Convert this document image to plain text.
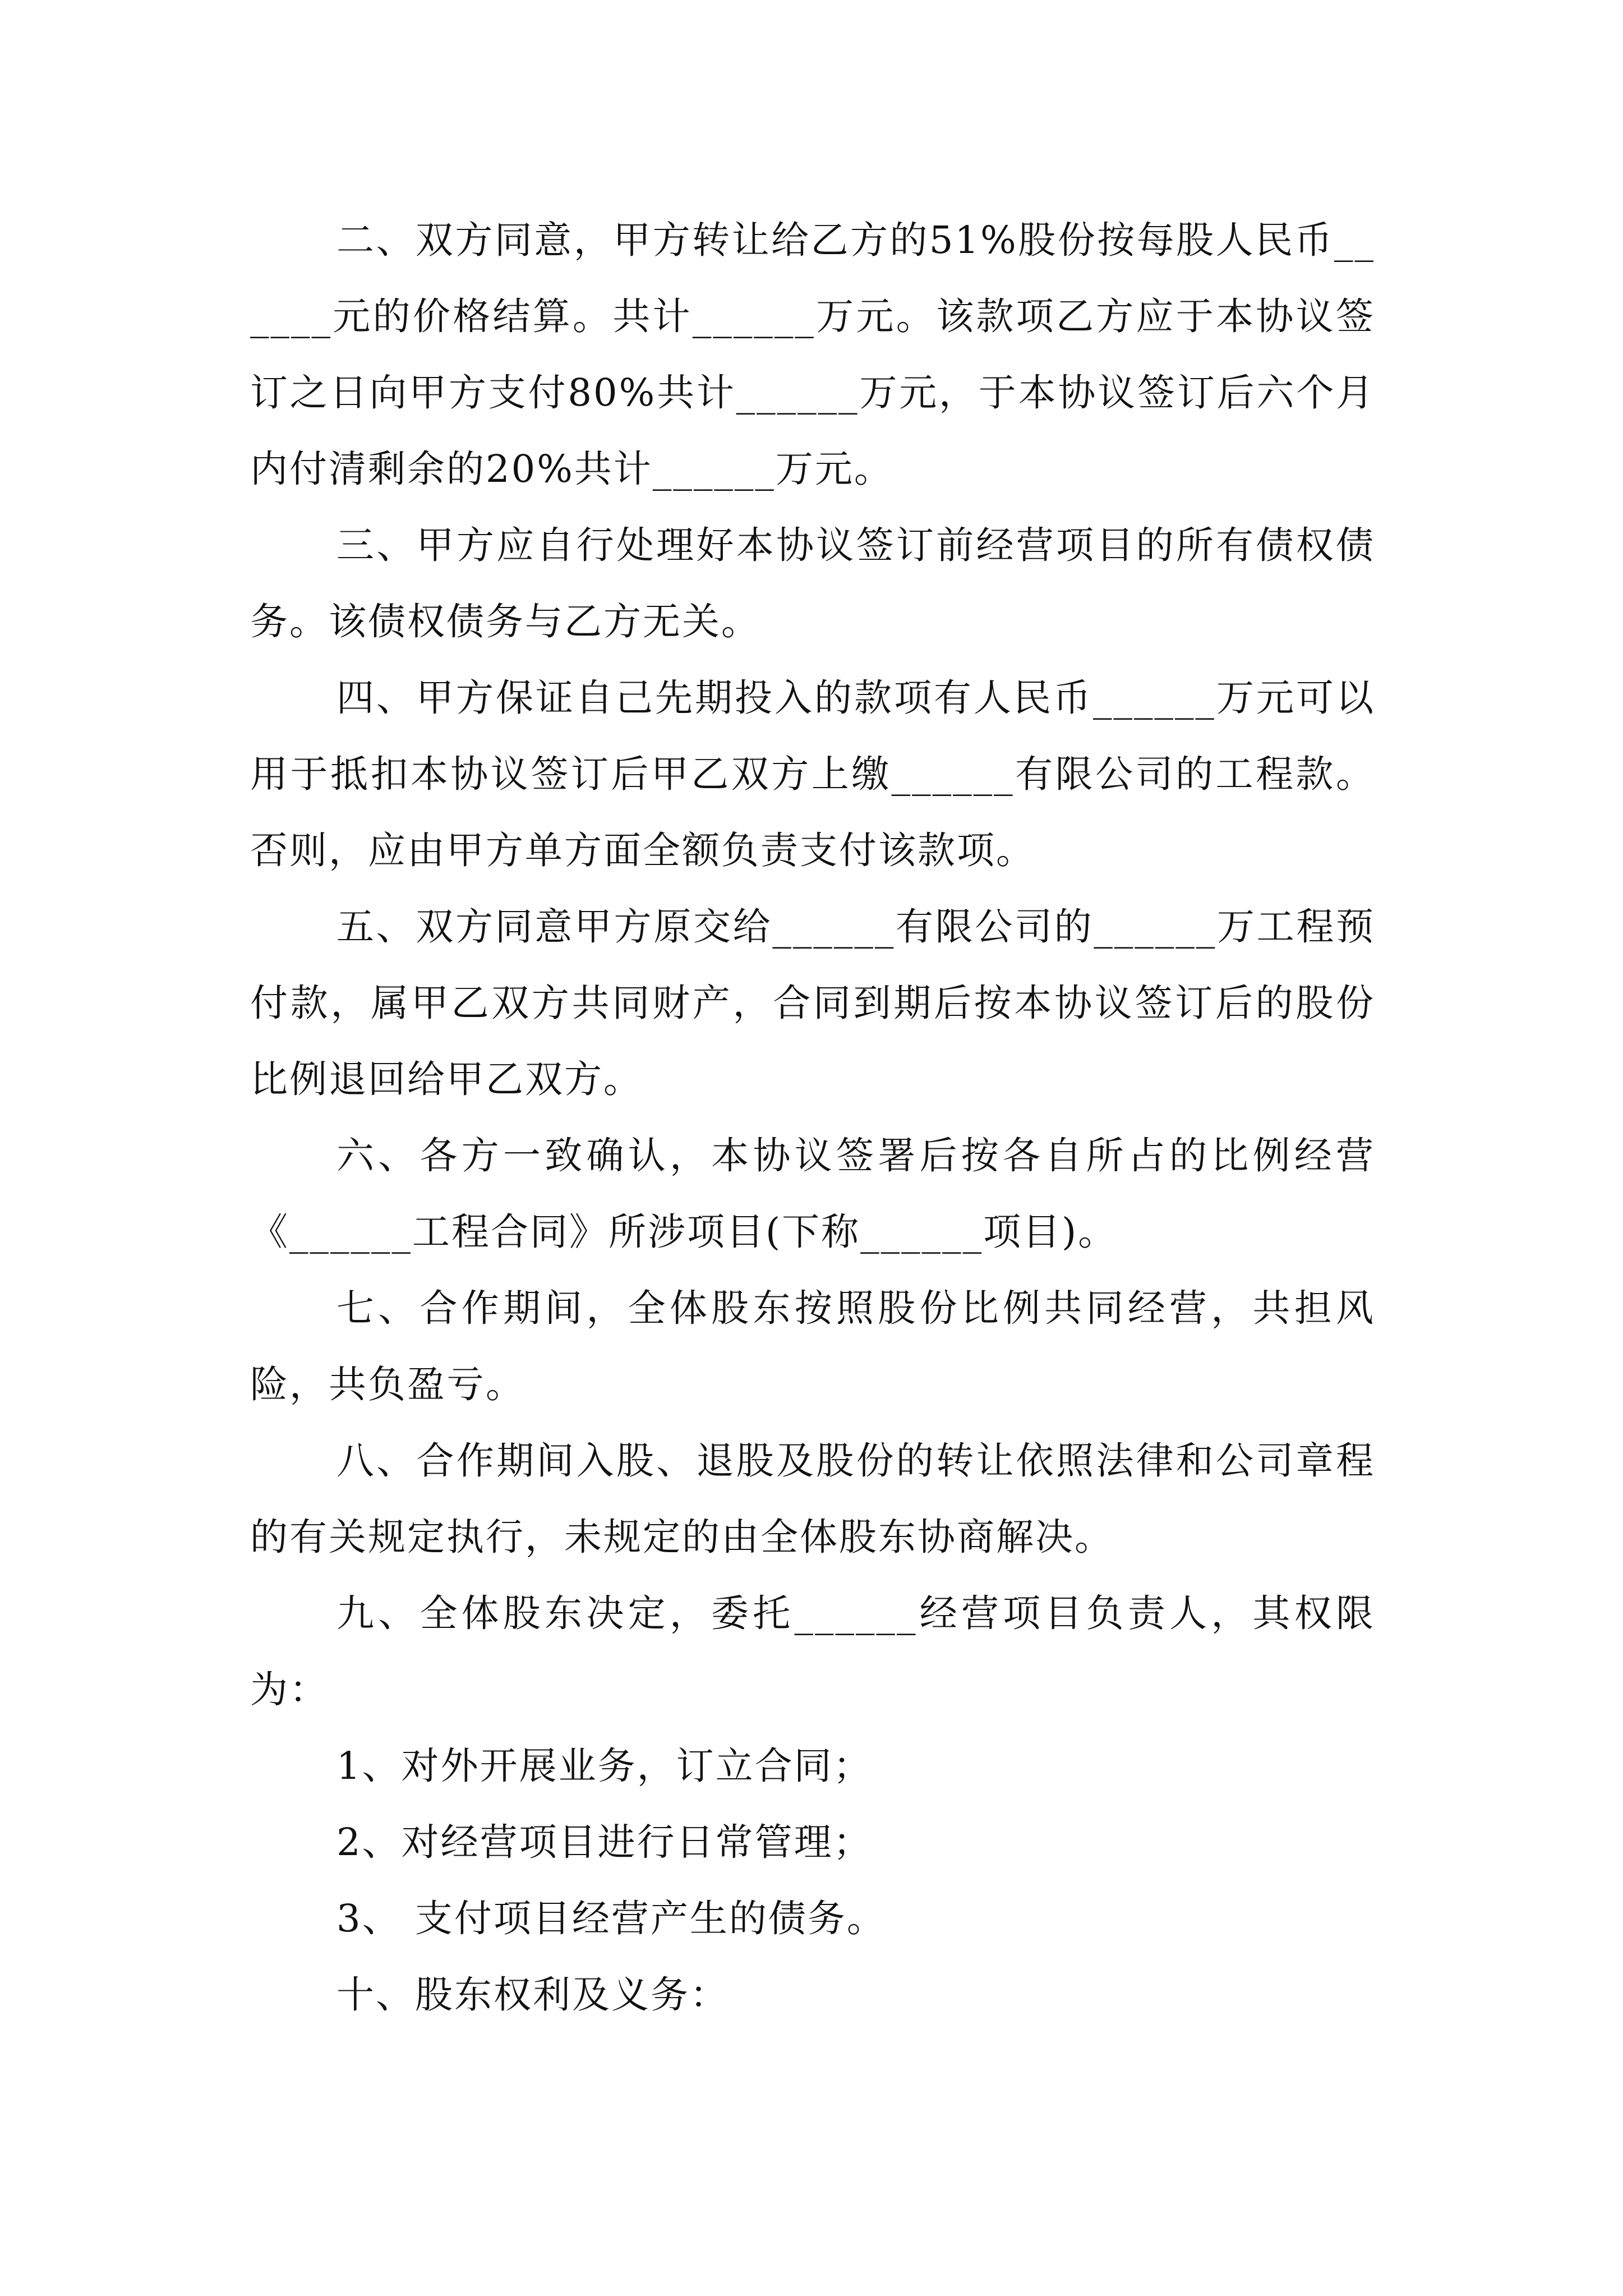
二、双方同意，甲方转让给乙方的51%股份按每股人民币______元的价格结算。共计______万元。该款项乙方应于本协议签订之日向甲方支付80%共计______万元，于本协议签订后六个月内付清剩余的20%共计______万元。

三、甲方应自行处理好本协议签订前经营项目的所有债权债务。该债权债务与乙方无关。

四、甲方保证自己先期投入的款项有人民币______万元可以用于抵扣本协议签订后甲乙双方上缴______有限公司的工程款。否则，应由甲方单方面全额负责支付该款项。

五、双方同意甲方原交给______有限公司的______万工程预付款，属甲乙双方共同财产，合同到期后按本协议签订后的股份比例退回给甲乙双方。

六、各方一致确认，本协议签署后按各自所占的比例经营《______工程合同》所涉项目(下称______项目)。

七、合作期间，全体股东按照股份比例共同经营，共担风险，共负盈亏。

八、合作期间入股、退股及股份的转让依照法律和公司章程的有关规定执行，未规定的由全体股东协商解决。

九、全体股东决定，委托______经营项目负责人，其权限为：

1、对外开展业务，订立合同；

2、对经营项目进行日常管理；

3、 支付项目经营产生的债务。

十、股东权利及义务：
